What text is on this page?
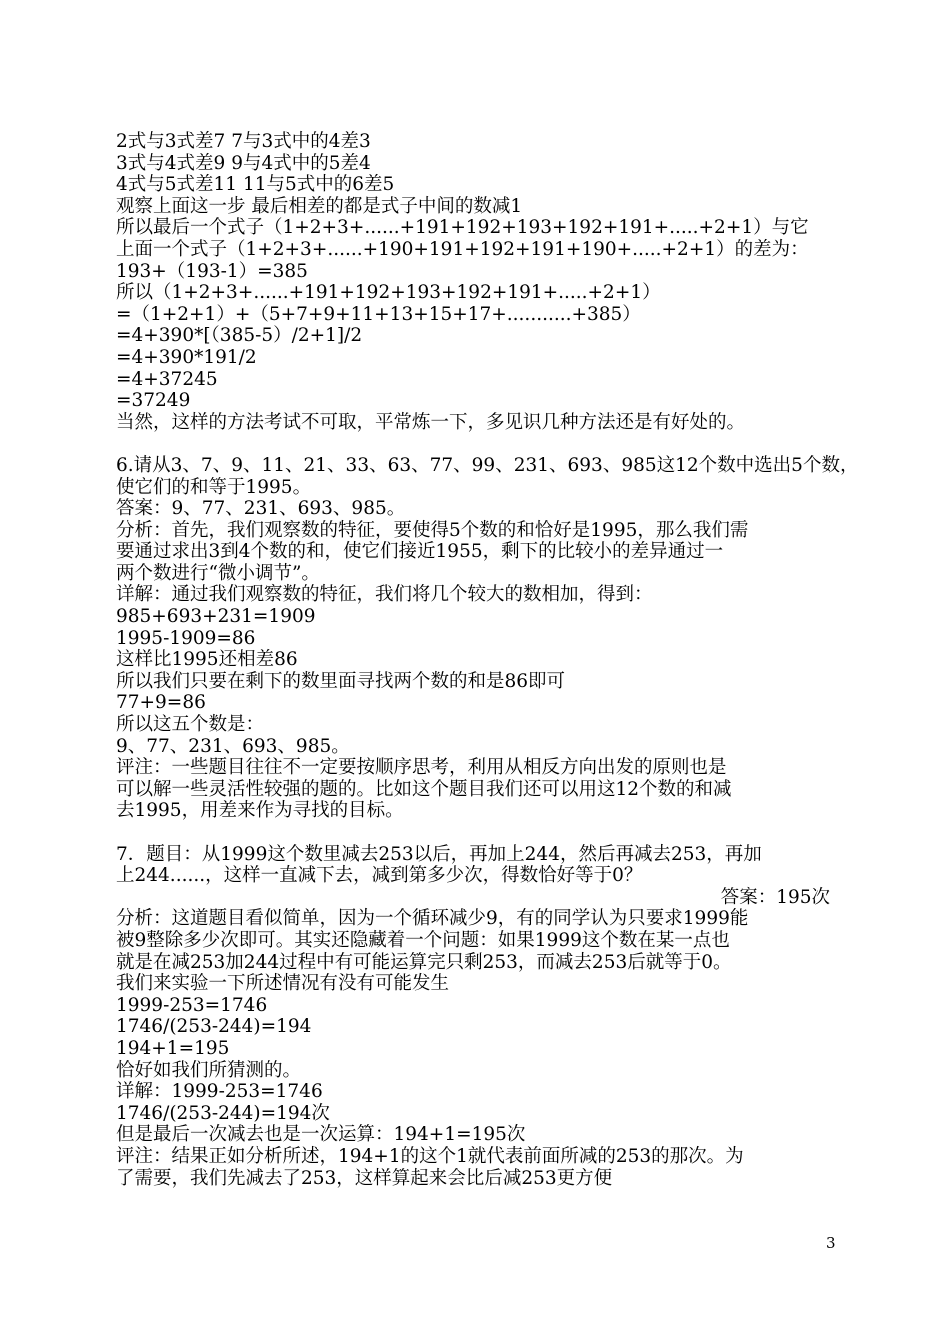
2式与3式差7 7与3式中的4差3
3式与4式差9 9与4式中的5差4
4式与5式差11 11与5式中的6差5
观察上面这一步 最后相差的都是式子中间的数减1
所以最后一个式子（1+2+3+......+191+192+193+192+191+.....+2+1）与它
上面一个式子（1+2+3+......+190+191+192+191+190+.....+2+1）的差为：
193+（193-1）=385
所以（1+2+3+......+191+192+193+192+191+.....+2+1）
=（1+2+1）+（5+7+9+11+13+15+17+...........+385）
=4+390*[（385-5）/2+1]/2
=4+390*191/2
=4+37245
=37249
当然，这样的方法考试不可取，平常炼一下，多见识几种方法还是有好处的。
6.请从3、7、9、11、21、33、63、77、99、231、693、985这12个数中选出5个数，
使它们的和等于1995。
答案：9、77、231、693、985。
分析：首先，我们观察数的特征，要使得5个数的和恰好是1995，那么我们需
要通过求出3到4个数的和，使它们接近1955，剩下的比较小的差异通过一
两个数进行“微小调节”。
详解：通过我们观察数的特征，我们将几个较大的数相加，得到：
985+693+231=1909
1995-1909=86
这样比1995还相差86
所以我们只要在剩下的数里面寻找两个数的和是86即可
77+9=86
所以这五个数是：
9、77、231、693、985。
评注：一些题目往往不一定要按顺序思考，利用从相反方向出发的原则也是
可以解一些灵活性较强的题的。比如这个题目我们还可以用这12个数的和减
去1995，用差来作为寻找的目标。
7．题目：从1999这个数里减去253以后，再加上244，然后再减去253，再加
上244......，这样一直减下去，减到第多少次，得数恰好等于0？
答案：195次
分析：这道题目看似简单，因为一个循环减少9，有的同学认为只要求1999能
被9整除多少次即可。其实还隐藏着一个问题：如果1999这个数在某一点也
就是在减253加244过程中有可能运算完只剩253，而减去253后就等于0。
我们来实验一下所述情况有没有可能发生
1999-253=1746
1746/(253-244)=194
194+1=195
恰好如我们所猜测的。
详解：1999-253=1746
1746/(253-244)=194次
但是最后一次减去也是一次运算：194+1=195次
评注：结果正如分析所述，194+1的这个1就代表前面所减的253的那次。为
了需要，我们先减去了253，这样算起来会比后减253更方便
3
